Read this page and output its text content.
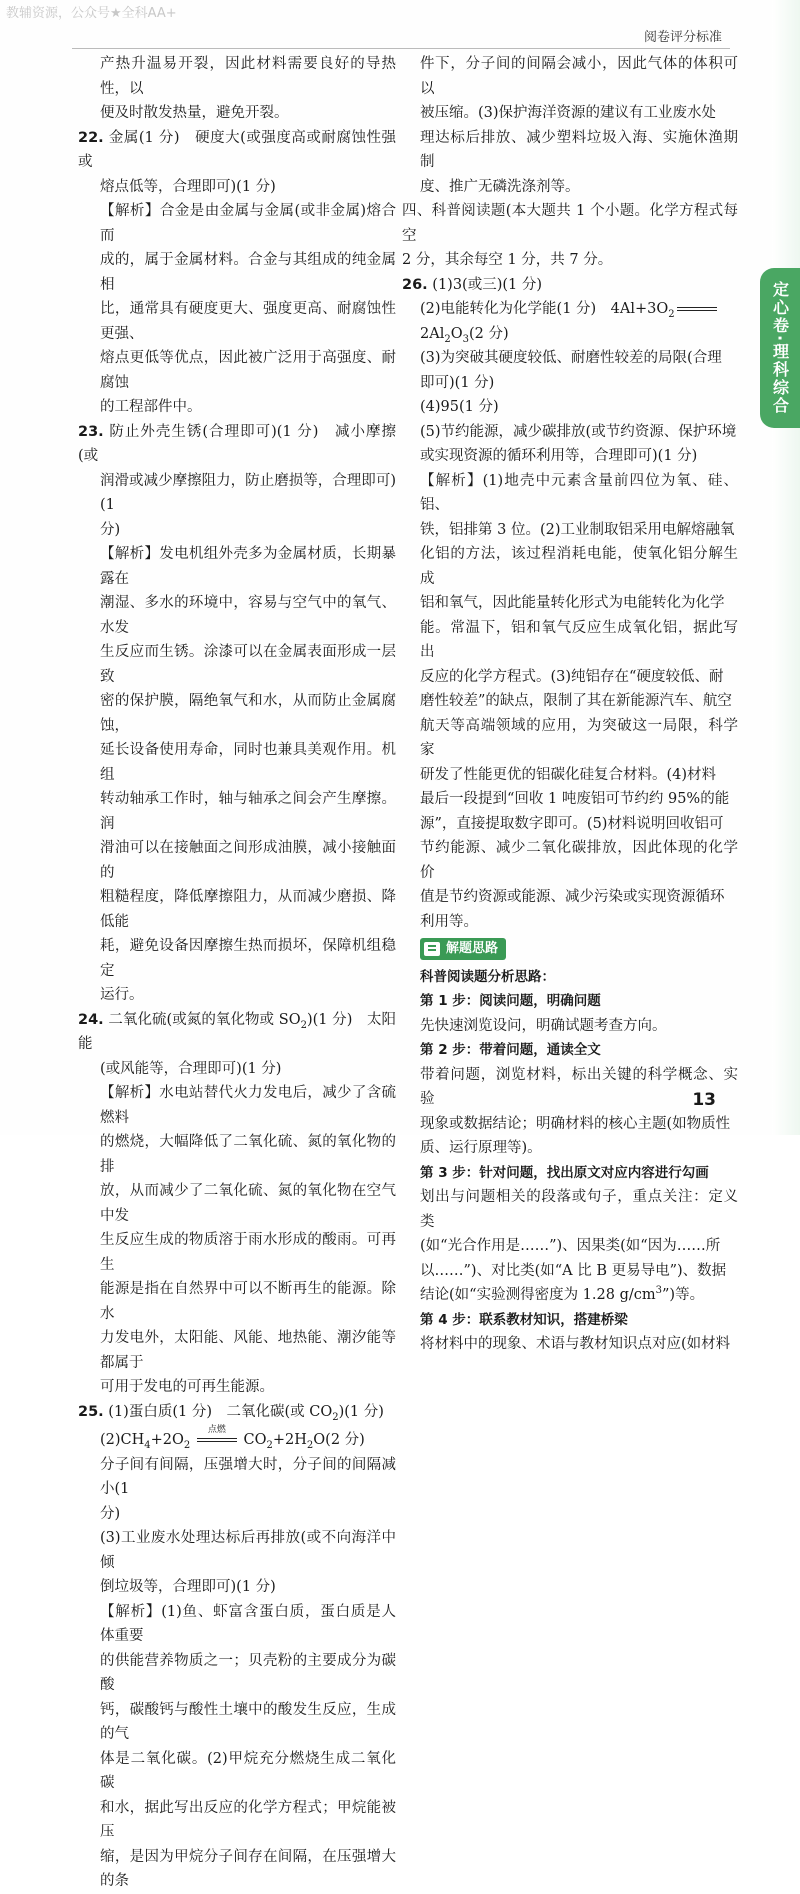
教辅资源，公众号★全科AA+
阅卷评分标准
定心卷·理科综合

产热升温易开裂，因此材料需要良好的导热性，以

便及时散发热量，避免开裂。

22. 金属(1 分)　硬度大(或强度高或耐腐蚀性强或

熔点低等，合理即可)(1 分)

【解析】合金是由金属与金属(或非金属)熔合而

成的，属于金属材料。合金与其组成的纯金属相

比，通常具有硬度更大、强度更高、耐腐蚀性更强、

熔点更低等优点，因此被广泛用于高强度、耐腐蚀

的工程部件中。

23. 防止外壳生锈(合理即可)(1 分)　减小摩擦(或

润滑或减少摩擦阻力，防止磨损等，合理即可)(1

分)

【解析】发电机组外壳多为金属材质，长期暴露在

潮湿、多水的环境中，容易与空气中的氧气、水发

生反应而生锈。涂漆可以在金属表面形成一层致

密的保护膜，隔绝氧气和水，从而防止金属腐蚀，

延长设备使用寿命，同时也兼具美观作用。机组

转动轴承工作时，轴与轴承之间会产生摩擦。润

滑油可以在接触面之间形成油膜，减小接触面的

粗糙程度，降低摩擦阻力，从而减少磨损、降低能

耗，避免设备因摩擦生热而损坏，保障机组稳定

运行。

24. 二氧化硫(或氮的氧化物或 $SO_2)(1$ 分)　太阳能

(或风能等，合理即可)(1 分)

【解析】水电站替代火力发电后，减少了含硫燃料

的燃烧，大幅降低了二氧化硫、氮的氧化物的排

放，从而减少了二氧化硫、氮的氧化物在空气中发

生反应生成的物质溶于雨水形成的酸雨。可再生

能源是指在自然界中可以不断再生的能源。除水

力发电外，太阳能、风能、地热能、潮汐能等都属于

可用于发电的可再生能源。

25. (1)蛋白质(1 分)　二氧化碳(或 $CO_2)(1$ 分)

$(2)CH_4+2O_2$
点燃
$CO_2+2H_2O(2$ 分)

分子间有间隔，压强增大时，分子间的间隔减小(1

分)

(3)工业废水处理达标后再排放(或不向海洋中倾

倒垃圾等，合理即可)(1 分)

【解析】(1)鱼、虾富含蛋白质，蛋白质是人体重要

的供能营养物质之一；贝壳粉的主要成分为碳酸

钙，碳酸钙与酸性土壤中的酸发生反应，生成的气

体是二氧化碳。(2)甲烷充分燃烧生成二氧化碳

和水，据此写出反应的化学方程式；甲烷能被压

缩，是因为甲烷分子间存在间隔，在压强增大的条

件下，分子间的间隔会减小，因此气体的体积可以

被压缩。(3)保护海洋资源的建议有工业废水处

理达标后排放、减少塑料垃圾入海、实施休渔期制

度、推广无磷洗涤剂等。

四、科普阅读题(本大题共 1 个小题。化学方程式每空

2 分，其余每空 1 分，共 7 分。

26. (1)3(或三)(1 分)

(2)电能转化为化学能(1 分)　$4Al+3O_2$

$2Al_2O_3(2$ 分)

(3)为突破其硬度较低、耐磨性较差的局限(合理

即可)(1 分)

(4)95(1 分)

(5)节约能源，减少碳排放(或节约资源、保护环境

或实现资源的循环利用等，合理即可)(1 分)

【解析】(1)地壳中元素含量前四位为氧、硅、铝、

铁，铝排第 3 位。(2)工业制取铝采用电解熔融氧

化铝的方法，该过程消耗电能，使氧化铝分解生成

铝和氧气，因此能量转化形式为电能转化为化学

能。常温下，铝和氧气反应生成氧化铝，据此写出

反应的化学方程式。(3)纯铝存在“硬度较低、耐

磨性较差”的缺点，限制了其在新能源汽车、航空

航天等高端领域的应用，为突破这一局限，科学家

研发了性能更优的铝碳化硅复合材料。(4)材料

最后一段提到“回收 1 吨废铝可节约约 95%的能

源”，直接提取数字即可。(5)材料说明回收铝可

节约能源、减少二氧化碳排放，因此体现的化学价

值是节约资源或能源、减少污染或实现资源循环

利用等。

解题思路

科普阅读题分析思路：

第 1 步：阅读问题，明确问题

先快速浏览设问，明确试题考查方向。

第 2 步：带着问题，通读全文

带着问题，浏览材料，标出关键的科学概念、实验

现象或数据结论；明确材料的核心主题(如物质性

质、运行原理等)。

第 3 步：针对问题，找出原文对应内容进行勾画

划出与问题相关的段落或句子，重点关注：定义类

(如“光合作用是……”)、因果类(如“因为……所

以……”)、对比类(如“A 比 B 更易导电”)、数据

结论(如“实验测得密度为 1.28 $g/cm^3$”)等。

第 4 步：联系教材知识，搭建桥梁

将材料中的现象、术语与教材知识点对应(如材料

13
